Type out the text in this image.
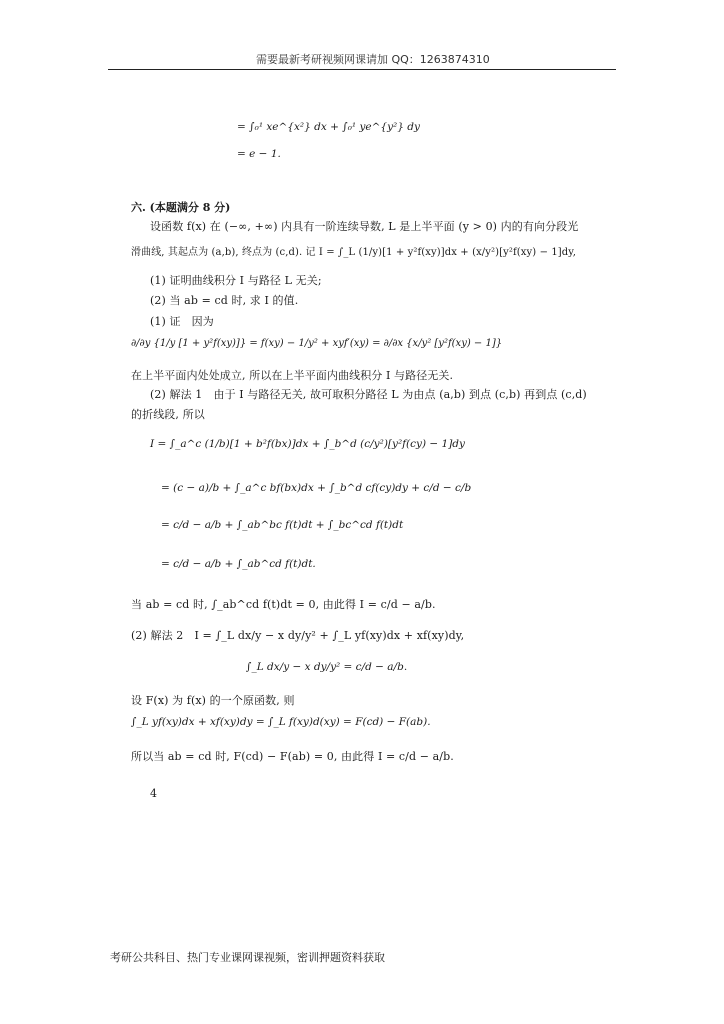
需要最新考研视频网课请加 QQ：1263874310
= ∫₀¹ xe^{x²} dx + ∫₀¹ ye^{y²} dy
= e − 1.
六. (本题满分 8 分)
设函数 f(x) 在 (−∞, +∞) 内具有一阶连续导数, L 是上半平面 (y > 0) 内的有向分段光
滑曲线, 其起点为 (a,b), 终点为 (c,d). 记 I = ∫_L (1/y)[1 + y²f(xy)]dx + (x/y²)[y²f(xy) − 1]dy,
(1) 证明曲线积分 I 与路径 L 无关;
(2) 当 ab = cd 时, 求 I 的值.
(1) 证　因为
∂/∂y {1/y [1 + y²f(xy)]} = f(xy) − 1/y² + xyf′(xy) = ∂/∂x {x/y² [y²f(xy) − 1]}
在上半平面内处处成立, 所以在上半平面内曲线积分 I 与路径无关.
(2) 解法 1　由于 I 与路径无关, 故可取积分路径 L 为由点 (a,b) 到点 (c,b) 再到点 (c,d)
的折线段, 所以
I = ∫_a^c (1/b)[1 + b²f(bx)]dx + ∫_b^d (c/y²)[y²f(cy) − 1]dy
= (c − a)/b + ∫_a^c bf(bx)dx + ∫_b^d cf(cy)dy + c/d − c/b
= c/d − a/b + ∫_ab^bc f(t)dt + ∫_bc^cd f(t)dt
= c/d − a/b + ∫_ab^cd f(t)dt.
当 ab = cd 时, ∫_ab^cd f(t)dt = 0, 由此得 I = c/d − a/b.
(2) 解法 2　I = ∫_L dx/y − x dy/y² + ∫_L yf(xy)dx + xf(xy)dy,
∫_L dx/y − x dy/y² = c/d − a/b.
设 F(x) 为 f(x) 的一个原函数, 则
∫_L yf(xy)dx + xf(xy)dy = ∫_L f(xy)d(xy) = F(cd) − F(ab).
所以当 ab = cd 时, F(cd) − F(ab) = 0, 由此得 I = c/d − a/b.
4
考研公共科目、热门专业课网课视频，密训押题资料获取
